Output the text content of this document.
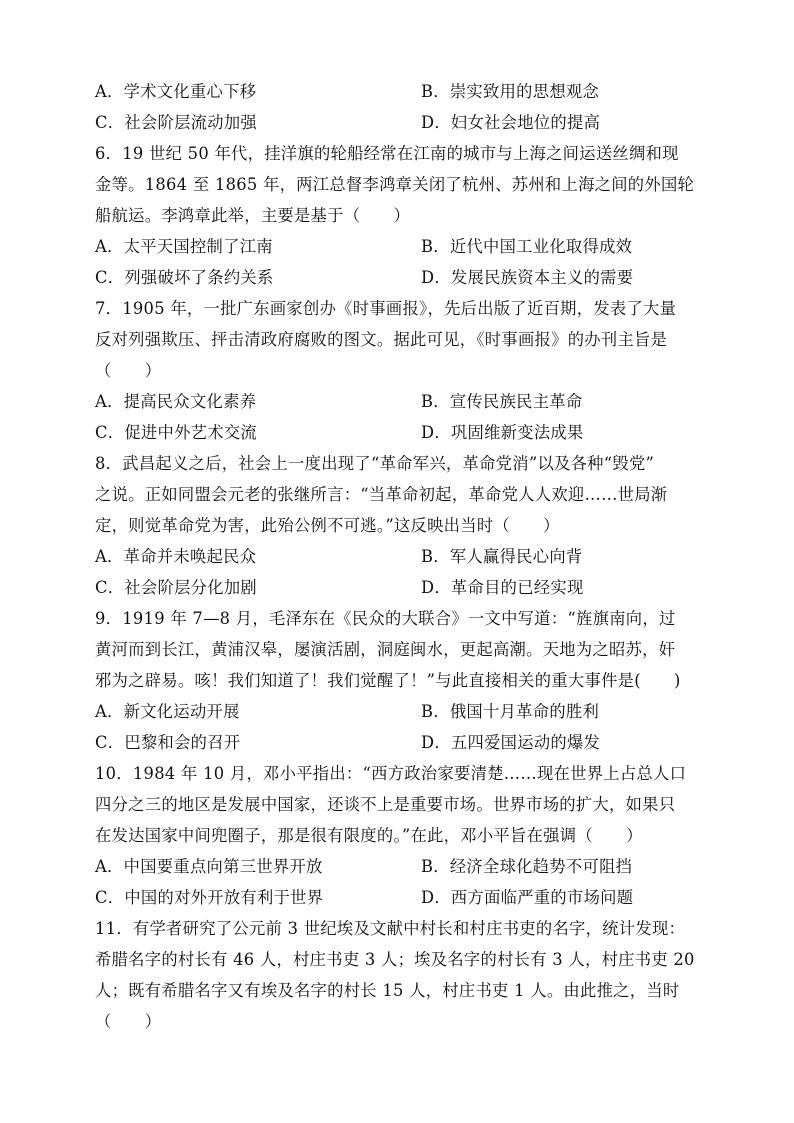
A．学术文化重心下移	B．崇实致用的思想观念
C．社会阶层流动加强	D．妇女社会地位的提高
6．19 世纪 50 年代，挂洋旗的轮船经常在江南的城市与上海之间运送丝绸和现
金等。1864 至 1865 年，两江总督李鸿章关闭了杭州、苏州和上海之间的外国轮
船航运。李鸿章此举，主要是基于（　　）
A．太平天国控制了江南	B．近代中国工业化取得成效
C．列强破坏了条约关系	D．发展民族资本主义的需要
7．1905 年，一批广东画家创办《时事画报》，先后出版了近百期，发表了大量
反对列强欺压、抨击清政府腐败的图文。据此可见，《时事画报》的办刊主旨是
（　　）
A．提高民众文化素养	B．宣传民族民主革命
C．促进中外艺术交流	D．巩固维新变法成果
8．武昌起义之后，社会上一度出现了“革命军兴，革命党消”以及各种“毁党”
之说。正如同盟会元老的张继所言：“当革命初起，革命党人人欢迎……世局渐
定，则觉革命党为害，此殆公例不可逃。”这反映出当时（　　）
A．革命并未唤起民众	B．军人赢得民心向背
C．社会阶层分化加剧	D．革命目的已经实现
9．1919 年 7—8 月，毛泽东在《民众的大联合》一文中写道：“旌旗南向，过
黄河而到长江，黄浦汉皋，屡演活剧，洞庭闽水，更起高潮。天地为之昭苏，奸
邪为之辟易。咳！我们知道了！我们觉醒了！”与此直接相关的重大事件是(　　)
A．新文化运动开展	B．俄国十月革命的胜利
C．巴黎和会的召开	D．五四爱国运动的爆发
10．1984 年 10 月，邓小平指出：“西方政治家要清楚……现在世界上占总人口
四分之三的地区是发展中国家，还谈不上是重要市场。世界市场的扩大，如果只
在发达国家中间兜圈子，那是很有限度的。”在此，邓小平旨在强调（　　）
A．中国要重点向第三世界开放	B．经济全球化趋势不可阻挡
C．中国的对外开放有利于世界	D．西方面临严重的市场问题
11．有学者研究了公元前 3 世纪埃及文献中村长和村庄书吏的名字，统计发现：
希腊名字的村长有 46 人，村庄书吏 3 人；埃及名字的村长有 3 人，村庄书吏 20
人；既有希腊名字又有埃及名字的村长 15 人，村庄书吏 1 人。由此推之，当时
（　　）
